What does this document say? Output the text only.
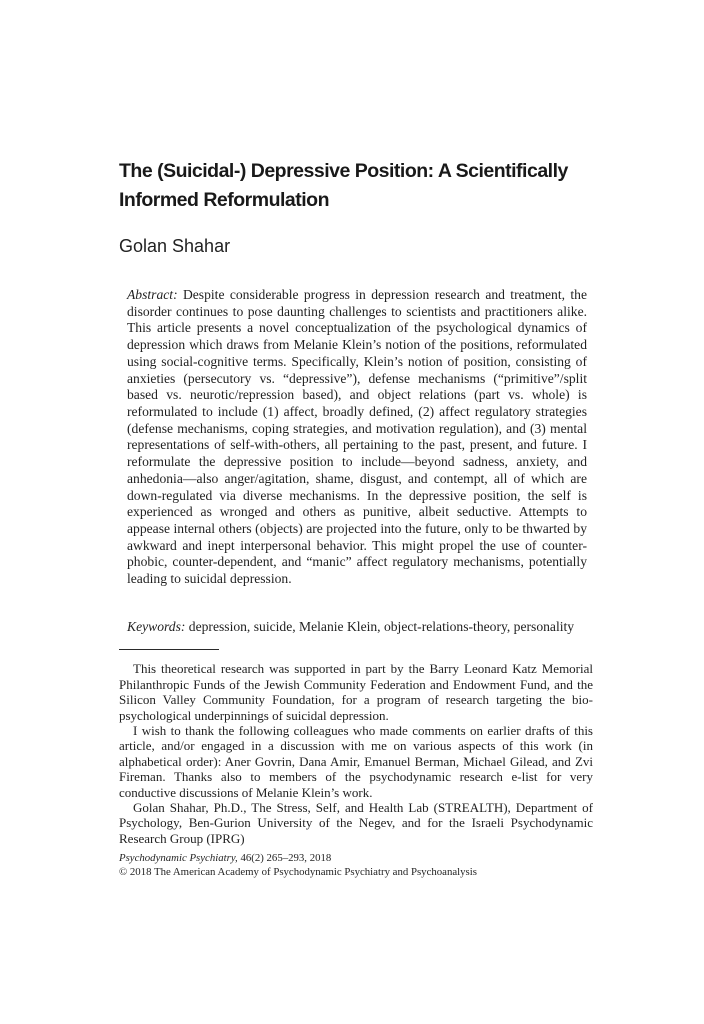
The (Suicidal-) Depressive Position: A Scientifically
Informed Reformulation
Golan Shahar

Abstract: Despite considerable progress in depression research and treatment, the disorder continues to pose daunting challenges to scientists and practitioners alike. This article presents a novel conceptualization of the psychological dynamics of depression which draws from Melanie Klein’s notion of the positions, reformulated using social-cognitive terms. Specifically, Klein’s notion of position, consisting of anxieties (persecutory vs. “depressive”), defense mechanisms (“primitive”/split based vs. neurotic/repression based), and object relations (part vs. whole) is reformulated to include (1) affect, broadly defined, (2) affect regulatory strategies (defense mechanisms, coping strategies, and motivation regulation), and (3) mental representations of self-with-others, all pertaining to the past, present, and future. I reformulate the depressive position to include—beyond sadness, anxiety, and anhedonia—also anger/agitation, shame, disgust, and contempt, all of which are down-regulated via diverse mechanisms. In the depressive position, the self is experienced as wronged and others as punitive, albeit seductive. Attempts to appease internal others (objects) are projected into the future, only to be thwarted by awkward and inept interpersonal behavior. This might propel the use of counter-phobic, counter-dependent, and “manic” affect regulatory mechanisms, potentially leading to suicidal depression.

Keywords: depression, suicide, Melanie Klein, object-relations-theory, personality

This theoretical research was supported in part by the Barry Leonard Katz Memorial Philanthropic Funds of the Jewish Community Federation and Endowment Fund, and the Silicon Valley Community Foundation, for a program of research targeting the bio-psychological underpinnings of suicidal depression.

I wish to thank the following colleagues who made comments on earlier drafts of this article, and/or engaged in a discussion with me on various aspects of this work (in alphabetical order): Aner Govrin, Dana Amir, Emanuel Berman, Michael Gilead, and Zvi Fireman. Thanks also to members of the psychodynamic research e-list for very conductive discussions of Melanie Klein’s work.

Golan Shahar, Ph.D., The Stress, Self, and Health Lab (STREALTH), Department of Psychology, Ben-Gurion University of the Negev, and for the Israeli Psychodynamic Research Group (IPRG)

Psychodynamic Psychiatry, 46(2) 265–293, 2018
© 2018 The American Academy of Psychodynamic Psychiatry and Psychoanalysis
